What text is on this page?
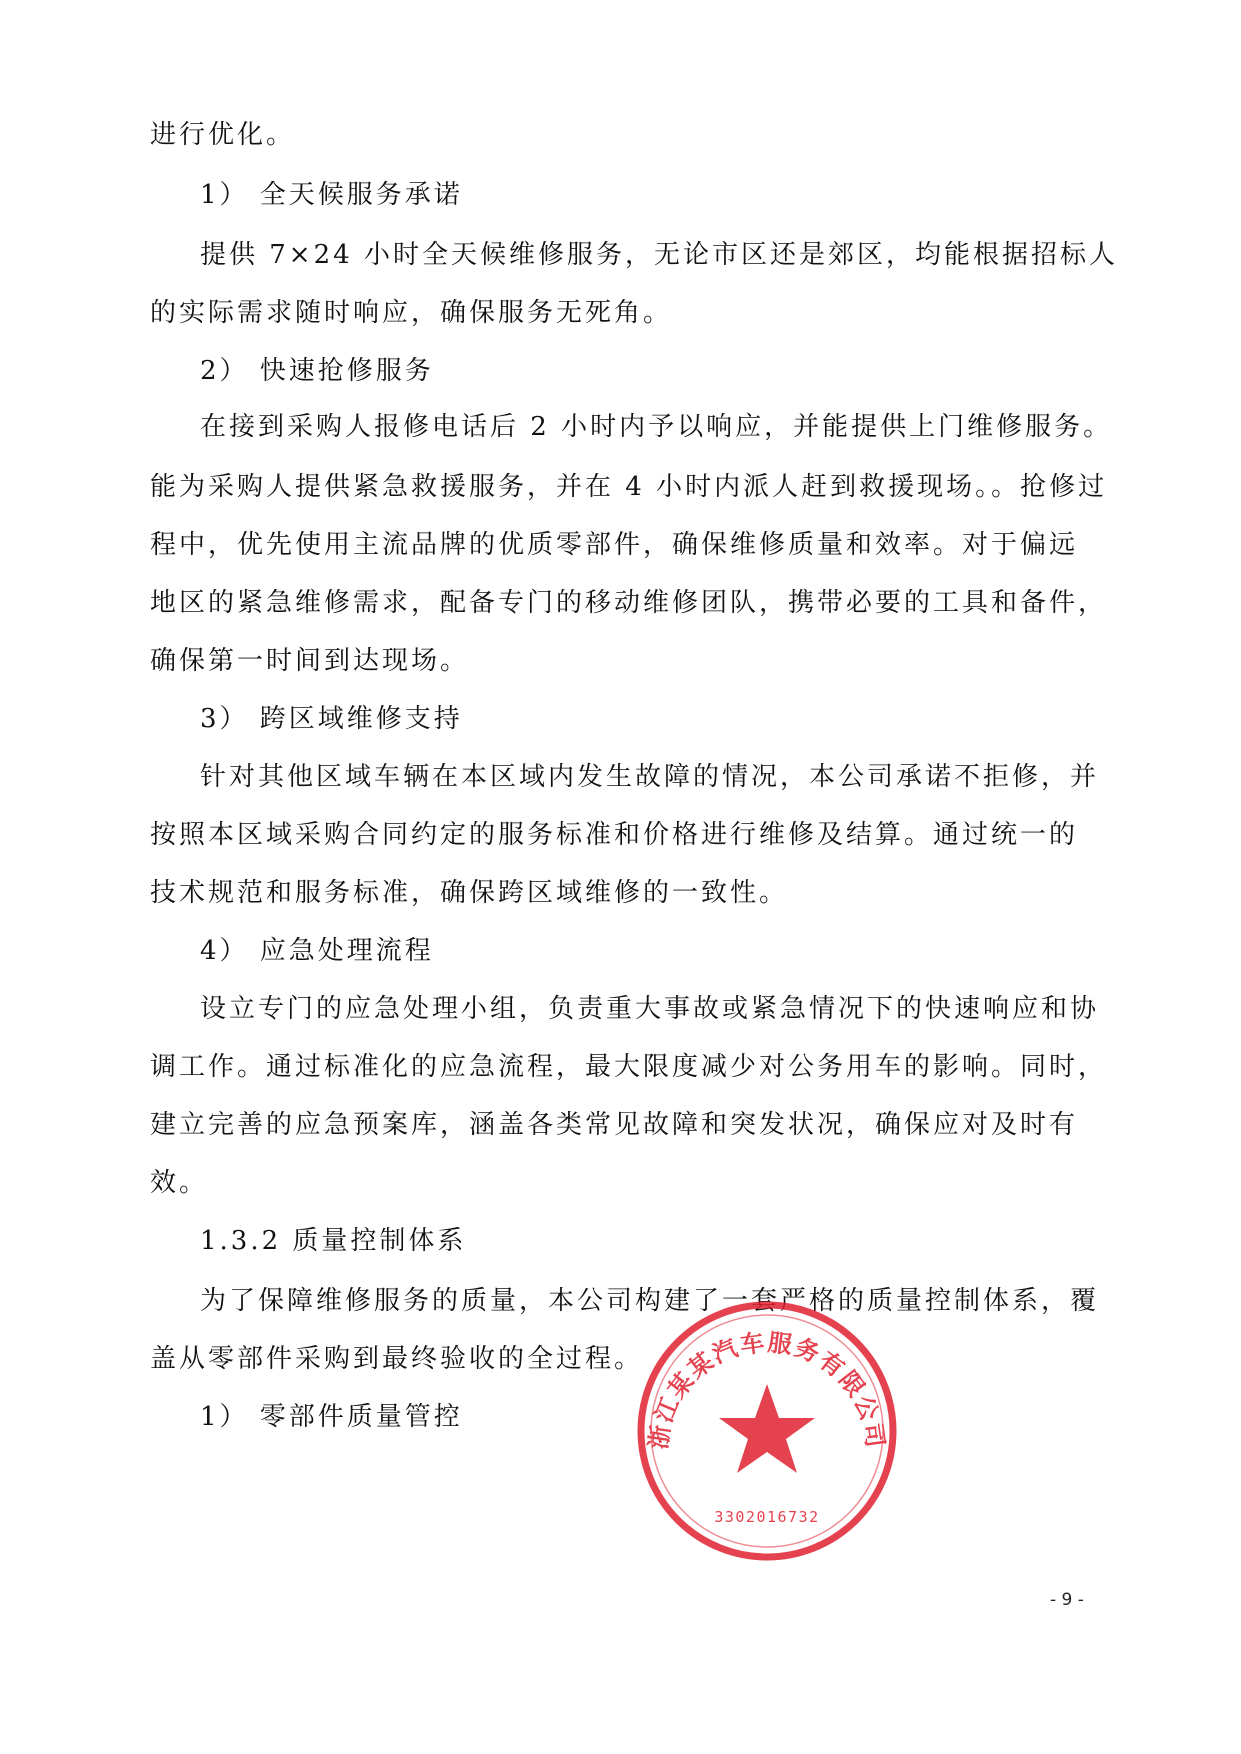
进行优化。
1） 全天候服务承诺
提供 7×24 小时全天候维修服务，无论市区还是郊区，均能根据招标人
的实际需求随时响应，确保服务无死角。
2） 快速抢修服务
在接到采购人报修电话后 2 小时内予以响应，并能提供上门维修服务。
能为采购人提供紧急救援服务，并在 4 小时内派人赶到救援现场。。抢修过
程中，优先使用主流品牌的优质零部件，确保维修质量和效率。对于偏远
地区的紧急维修需求，配备专门的移动维修团队，携带必要的工具和备件，
确保第一时间到达现场。
3） 跨区域维修支持
针对其他区域车辆在本区域内发生故障的情况，本公司承诺不拒修，并
按照本区域采购合同约定的服务标准和价格进行维修及结算。通过统一的
技术规范和服务标准，确保跨区域维修的一致性。
4） 应急处理流程
设立专门的应急处理小组，负责重大事故或紧急情况下的快速响应和协
调工作。通过标准化的应急流程，最大限度减少对公务用车的影响。同时，
建立完善的应急预案库，涵盖各类常见故障和突发状况，确保应对及时有
效。
1.3.2 质量控制体系
为了保障维修服务的质量，本公司构建了一套严格的质量控制体系，覆
盖从零部件采购到最终验收的全过程。
1） 零部件质量管控
- 9 -
浙江某某汽车服务有限公司
3302016732
